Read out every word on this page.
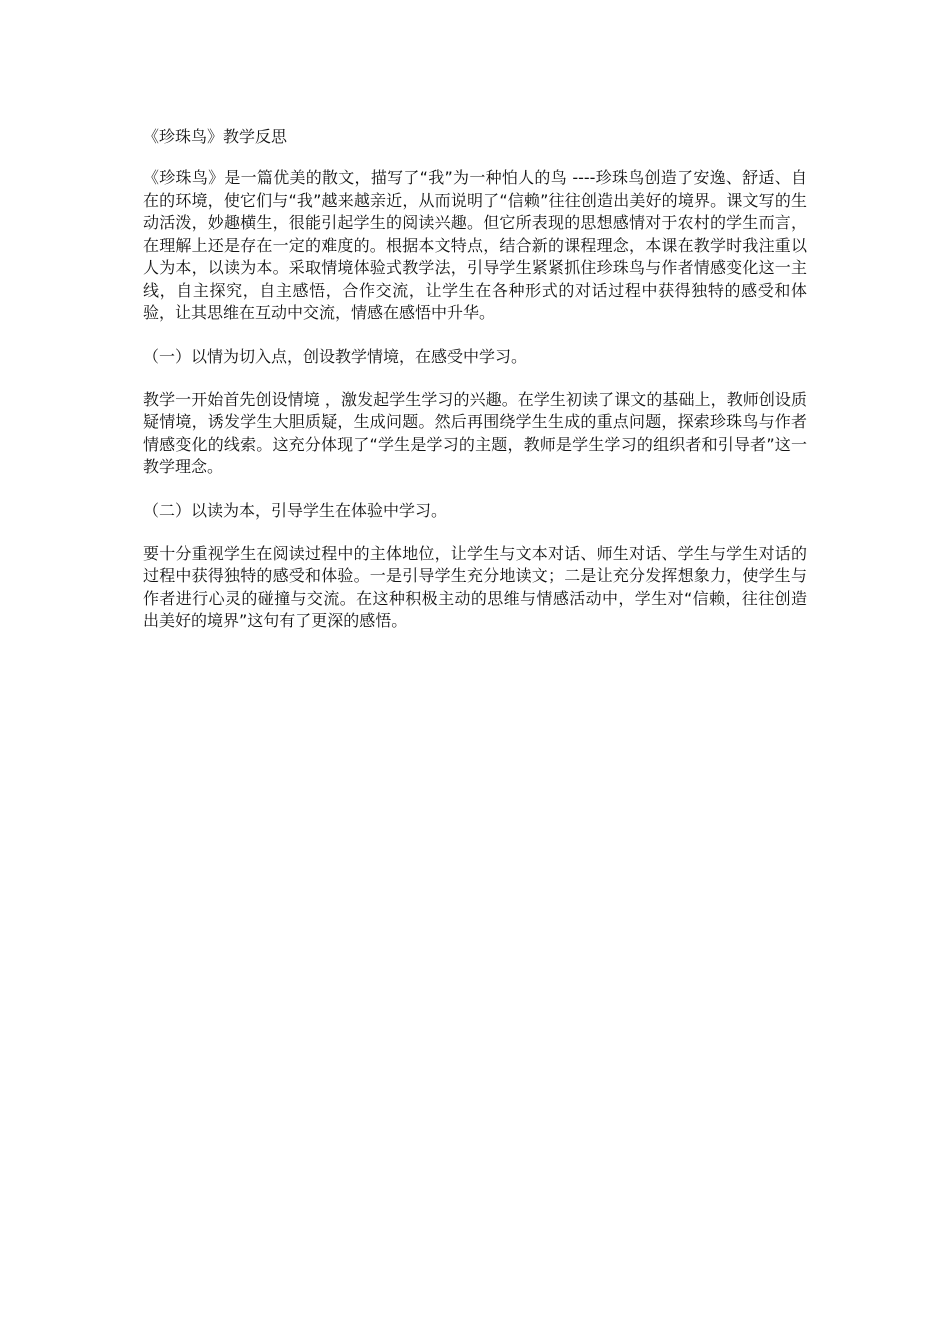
《珍珠鸟》教学反思

《珍珠鸟》是一篇优美的散文，描写了“我”为一种怕人的鸟 ----珍珠鸟创造了安逸、舒适、自在的环境，使它们与“我”越来越亲近，从而说明了“信赖”往往创造出美好的境界。课文写的生动活泼，妙趣横生，很能引起学生的阅读兴趣。但它所表现的思想感情对于农村的学生而言，在理解上还是存在一定的难度的。根据本文特点，结合新的课程理念，本课在教学时我注重以人为本，以读为本。采取情境体验式教学法，引导学生紧紧抓住珍珠鸟与作者情感变化这一主线，自主探究，自主感悟，合作交流，让学生在各种形式的对话过程中获得独特的感受和体验，让其思维在互动中交流，情感在感悟中升华。

（一）以情为切入点，创设教学情境，在感受中学习。

教学一开始首先创设情境 ，激发起学生学习的兴趣。在学生初读了课文的基础上，教师创设质疑情境，诱发学生大胆质疑，生成问题。然后再围绕学生生成的重点问题，探索珍珠鸟与作者情感变化的线索。这充分体现了“学生是学习的主题，教师是学生学习的组织者和引导者”这一教学理念。

（二）以读为本，引导学生在体验中学习。

要十分重视学生在阅读过程中的主体地位，让学生与文本对话、师生对话、学生与学生对话的过程中获得独特的感受和体验。一是引导学生充分地读文；二是让充分发挥想象力，使学生与作者进行心灵的碰撞与交流。在这种积极主动的思维与情感活动中，学生对“信赖，往往创造出美好的境界”这句有了更深的感悟。
